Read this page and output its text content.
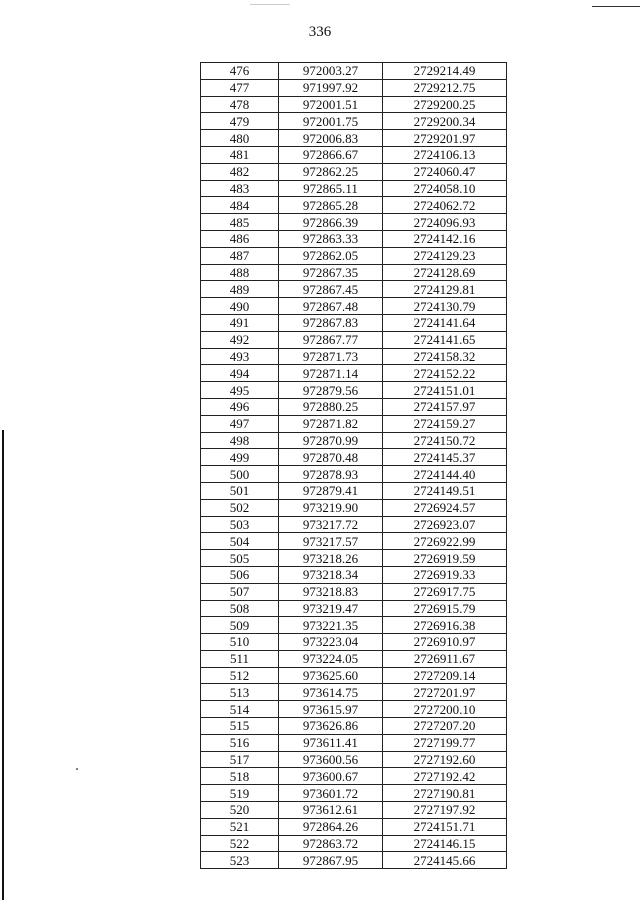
336
476	972003.27	2729214.49
477	971997.92	2729212.75
478	972001.51	2729200.25
479	972001.75	2729200.34
480	972006.83	2729201.97
481	972866.67	2724106.13
482	972862.25	2724060.47
483	972865.11	2724058.10
484	972865.28	2724062.72
485	972866.39	2724096.93
486	972863.33	2724142.16
487	972862.05	2724129.23
488	972867.35	2724128.69
489	972867.45	2724129.81
490	972867.48	2724130.79
491	972867.83	2724141.64
492	972867.77	2724141.65
493	972871.73	2724158.32
494	972871.14	2724152.22
495	972879.56	2724151.01
496	972880.25	2724157.97
497	972871.82	2724159.27
498	972870.99	2724150.72
499	972870.48	2724145.37
500	972878.93	2724144.40
501	972879.41	2724149.51
502	973219.90	2726924.57
503	973217.72	2726923.07
504	973217.57	2726922.99
505	973218.26	2726919.59
506	973218.34	2726919.33
507	973218.83	2726917.75
508	973219.47	2726915.79
509	973221.35	2726916.38
510	973223.04	2726910.97
511	973224.05	2726911.67
512	973625.60	2727209.14
513	973614.75	2727201.97
514	973615.97	2727200.10
515	973626.86	2727207.20
516	973611.41	2727199.77
517	973600.56	2727192.60
518	973600.67	2727192.42
519	973601.72	2727190.81
520	973612.61	2727197.92
521	972864.26	2724151.71
522	972863.72	2724146.15
523	972867.95	2724145.66
